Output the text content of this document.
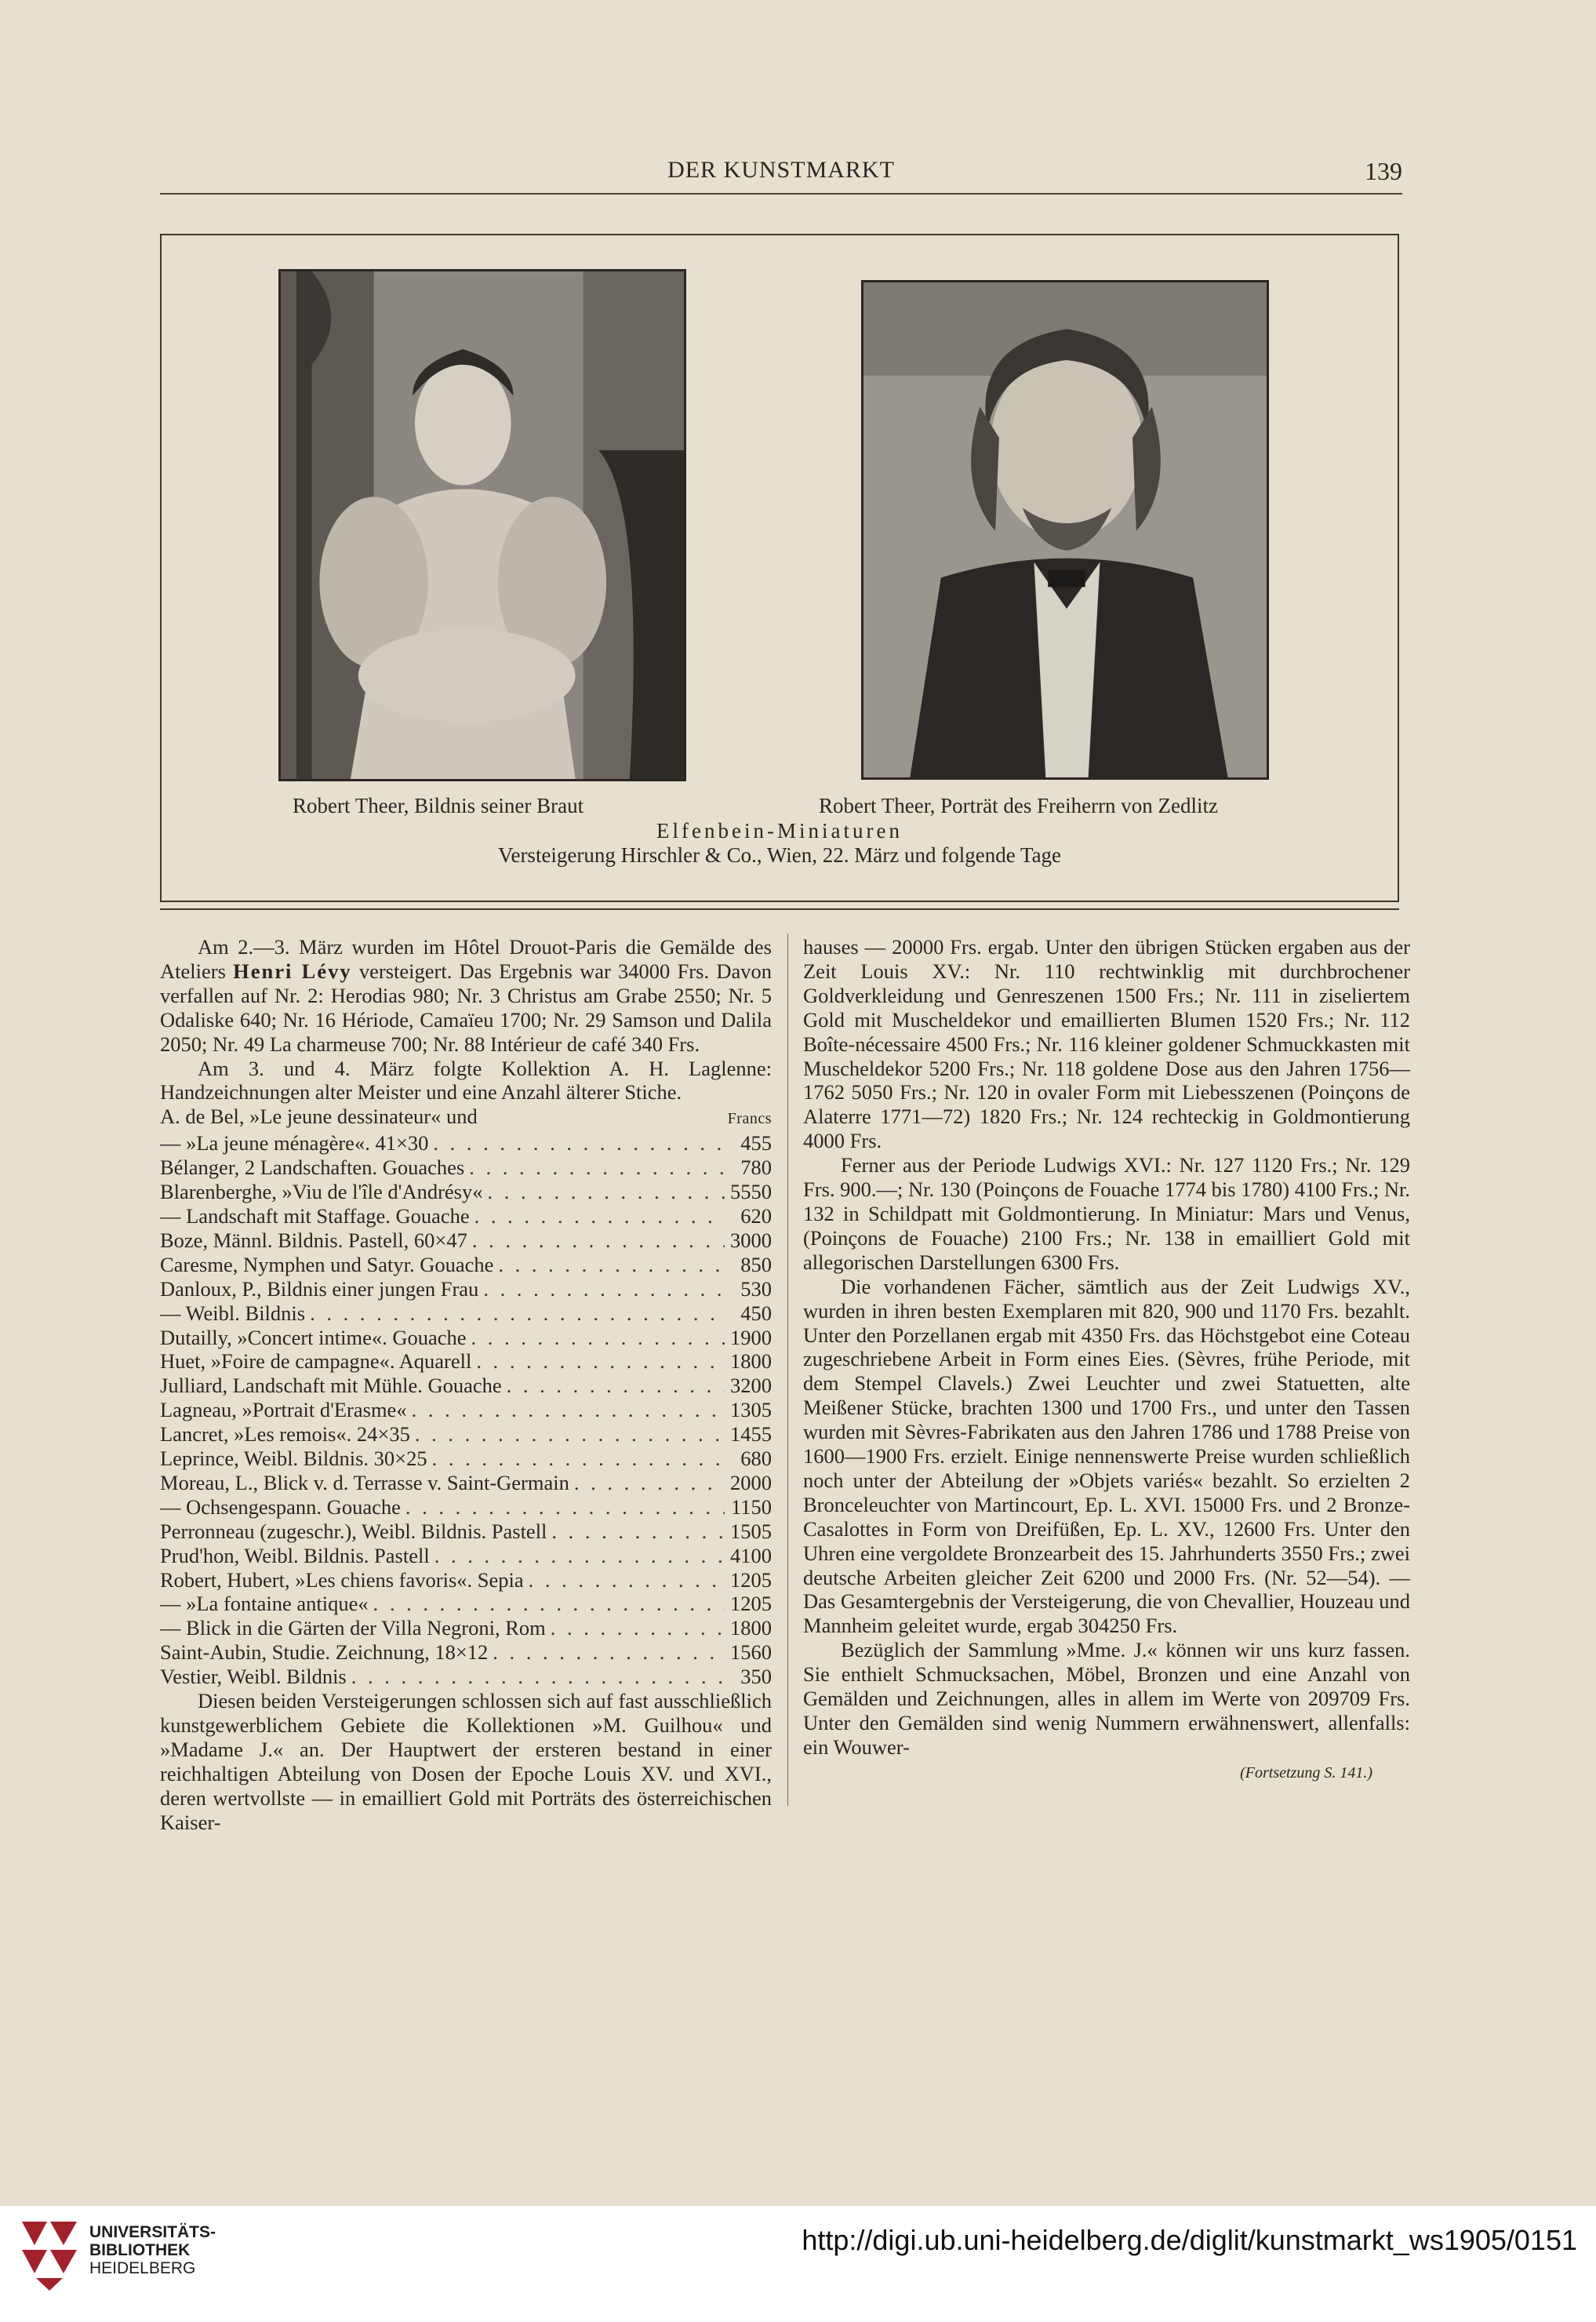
DER KUNSTMARKT	139
Robert Theer, Bildnis seiner Braut	Robert Theer, Porträt des Freiherrn von Zedlitz
Elfenbein-Miniaturen
Versteigerung Hirschler & Co., Wien, 22. März und folgende Tage

Am 2.—3. März wurden im Hôtel Drouot-Paris die Gemälde des Ateliers Henri Lévy versteigert. Das Ergebnis war 34000 Frs. Davon verfallen auf Nr. 2: Herodias 980; Nr. 3 Christus am Grabe 2550; Nr. 5 Odaliske 640; Nr. 16 Hériode, Camaïeu 1700; Nr. 29 Samson und Dalila 2050; Nr. 49 La charmeuse 700; Nr. 88 Intérieur de café 340 Frs.

Am 3. und 4. März folgte Kollektion A. H. Laglenne: Handzeichnungen alter Meister und eine Anzahl älterer Stiche.

A. de Bel, »Le jeune dessinateur« und	Francs
— »La jeune ménagère«. 41×30 . . .	455
Bélanger, 2 Landschaften. Gouaches . . .	780
Blarenberghe, »Viu de l'île d'Andrésy« . . .	5550
— Landschaft mit Staffage. Gouache . . .	620
Boze, Männl. Bildnis. Pastell, 60×47 . . .	3000
Caresme, Nymphen und Satyr. Gouache . . .	850
Danloux, P., Bildnis einer jungen Frau . . .	530
— Weibl. Bildnis . . .	450
Dutailly, »Concert intime«. Gouache . . .	1900
Huet, »Foire de campagne«. Aquarell . . .	1800
Julliard, Landschaft mit Mühle. Gouache . . .	3200
Lagneau, »Portrait d'Erasme« . . .	1305
Lancret, »Les remois«. 24×35 . . .	1455
Leprince, Weibl. Bildnis. 30×25 . . .	680
Moreau, L., Blick v. d. Terrasse v. Saint-Germain . . .	2000
— Ochsengespann. Gouache . . .	1150
Perronneau (zugeschr.), Weibl. Bildnis. Pastell . . .	1505
Prud'hon, Weibl. Bildnis. Pastell . . .	4100
Robert, Hubert, »Les chiens favoris«. Sepia . . .	1205
— »La fontaine antique« . . .	1205
— Blick in die Gärten der Villa Negroni, Rom . . .	1800
Saint-Aubin, Studie. Zeichnung, 18×12 . . .	1560
Vestier, Weibl. Bildnis . . .	350

Diesen beiden Versteigerungen schlossen sich auf fast ausschließlich kunstgewerblichem Gebiete die Kollektionen »M. Guilhou« und »Madame J.« an. Der Hauptwert der ersteren bestand in einer reichhaltigen Abteilung von Dosen der Epoche Louis XV. und XVI., deren wertvollste — in emailliert Gold mit Porträts des österreichischen Kaiser-

hauses — 20000 Frs. ergab. Unter den übrigen Stücken ergaben aus der Zeit Louis XV.: Nr. 110 rechtwinklig mit durchbrochener Goldverkleidung und Genreszenen 1500 Frs.; Nr. 111 in ziseliertem Gold mit Muscheldekor und emaillierten Blumen 1520 Frs.; Nr. 112 Boîte-nécessaire 4500 Frs.; Nr. 116 kleiner goldener Schmuckkasten mit Muscheldekor 5200 Frs.; Nr. 118 goldene Dose aus den Jahren 1756—1762 5050 Frs.; Nr. 120 in ovaler Form mit Liebesszenen (Poinçons de Alaterre 1771—72) 1820 Frs.; Nr. 124 rechteckig in Goldmontierung 4000 Frs.

Ferner aus der Periode Ludwigs XVI.: Nr. 127 1120 Frs.; Nr. 129 Frs. 900.—; Nr. 130 (Poinçons de Fouache 1774 bis 1780) 4100 Frs.; Nr. 132 in Schildpatt mit Goldmontierung. In Miniatur: Mars und Venus, (Poinçons de Fouache) 2100 Frs.; Nr. 138 in emailliert Gold mit allegorischen Darstellungen 6300 Frs.

Die vorhandenen Fächer, sämtlich aus der Zeit Ludwigs XV., wurden in ihren besten Exemplaren mit 820, 900 und 1170 Frs. bezahlt. Unter den Porzellanen ergab mit 4350 Frs. das Höchstgebot eine Coteau zugeschriebene Arbeit in Form eines Eies. (Sèvres, frühe Periode, mit dem Stempel Clavels.) Zwei Leuchter und zwei Statuetten, alte Meißener Stücke, brachten 1300 und 1700 Frs., und unter den Tassen wurden mit Sèvres-Fabrikaten aus den Jahren 1786 und 1788 Preise von 1600—1900 Frs. erzielt. Einige nennenswerte Preise wurden schließlich noch unter der Abteilung der »Objets variés« bezahlt. So erzielten 2 Bronceleuchter von Martincourt, Ep. L. XVI. 15000 Frs. und 2 Bronze-Casalottes in Form von Dreifüßen, Ep. L. XV., 12600 Frs. Unter den Uhren eine vergoldete Bronzearbeit des 15. Jahrhunderts 3550 Frs.; zwei deutsche Arbeiten gleicher Zeit 6200 und 2000 Frs. (Nr. 52—54). — Das Gesamtergebnis der Versteigerung, die von Chevallier, Houzeau und Mannheim geleitet wurde, ergab 304250 Frs.

Bezüglich der Sammlung »Mme. J.« können wir uns kurz fassen. Sie enthielt Schmucksachen, Möbel, Bronzen und eine Anzahl von Gemälden und Zeichnungen, alles in allem im Werte von 209709 Frs. Unter den Gemälden sind wenig Nummern erwähnenswert, allenfalls: ein Wouwer-

(Fortsetzung S. 141.)
UNIVERSITÄTS-
BIBLIOTHEK
HEIDELBERG
http://digi.ub.uni-heidelberg.de/diglit/kunstmarkt_ws1905/0151
